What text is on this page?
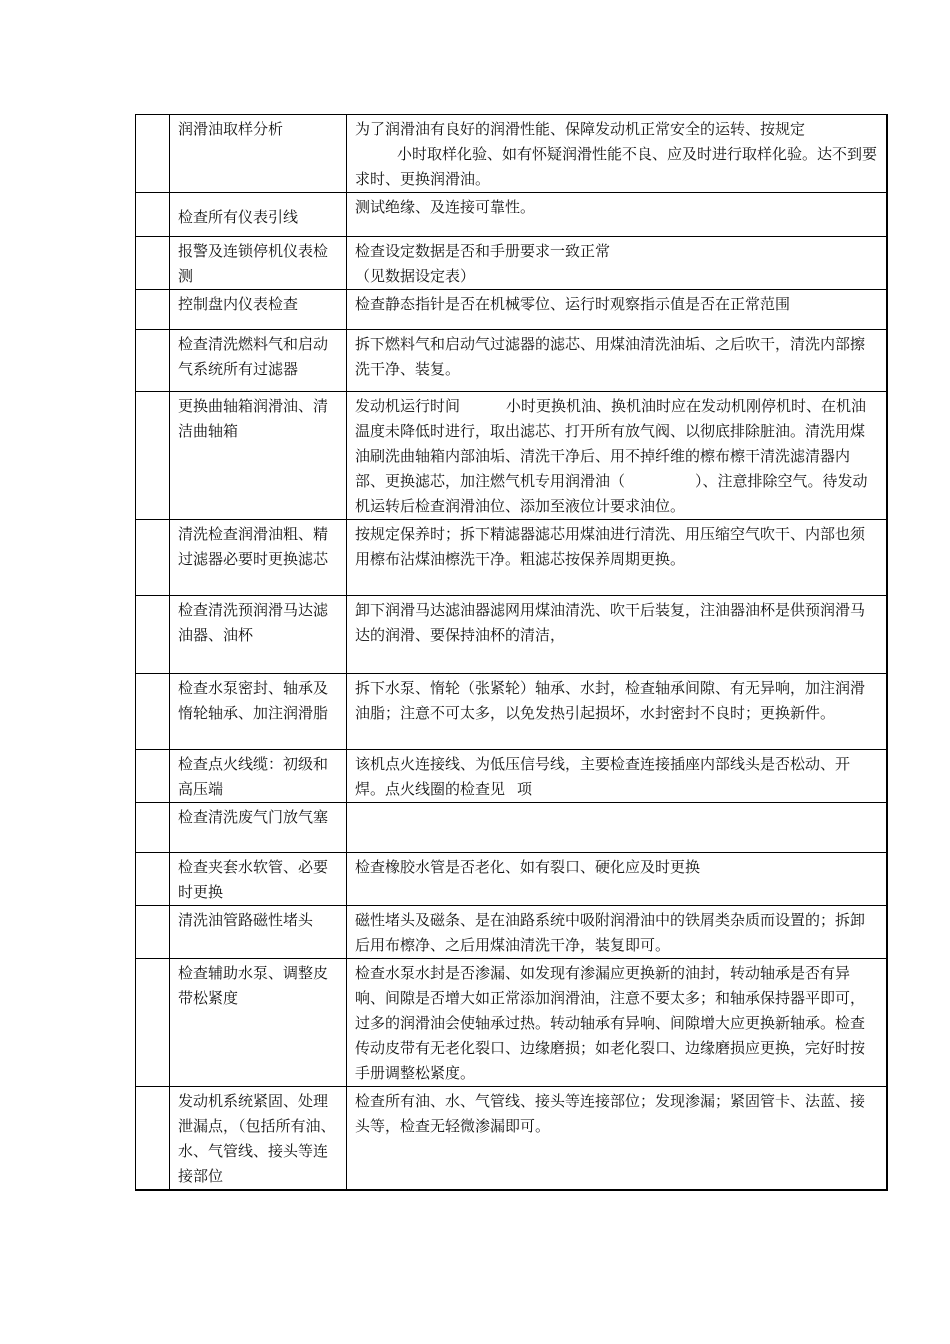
	润滑油取样分析	为了润滑油有良好的润滑性能、保障发动机正常安全的运转、按规定
小时取样化验、如有怀疑润滑性能不良、应及时进行取样化验。达不到要求时、更换润滑油。
	检查所有仪表引线	测试绝缘、及连接可靠性。
	报警及连锁停机仪表检测	检查设定数据是否和手册要求一致正常
（见数据设定表）
	控制盘内仪表检查	检查静态指针是否在机械零位、运行时观察指示值是否在正常范围
	检查清洗燃料气和启动气系统所有过滤器	拆下燃料气和启动气过滤器的滤芯、用煤油清洗油垢、之后吹干，清洗内部擦洗干净、装复。
	更换曲轴箱润滑油、清洁曲轴箱	发动机运行时间 小时更换机油、换机油时应在发动机刚停机时、在机油温度未降低时进行，取出滤芯、打开所有放气阀、以彻底排除脏油。清洗用煤油刷洗曲轴箱内部油垢、清洗干净后、用不掉纤维的檫布檫干清洗滤清器内部、更换滤芯，加注燃气机专用润滑油（ ）、注意排除空气。待发动机运转后检查润滑油位、添加至液位计要求油位。
	清洗检查润滑油粗、精过滤器必要时更换滤芯	按规定保养时；拆下精滤器滤芯用煤油进行清洗、用压缩空气吹干、内部也须用檫布沾煤油檫洗干净。粗滤芯按保养周期更换。
	检查清洗预润滑马达滤油器、油杯	卸下润滑马达滤油器滤网用煤油清洗、吹干后装复，注油器油杯是供预润滑马达的润滑、要保持油杯的清洁，
	检查水泵密封、轴承及惰轮轴承、加注润滑脂	拆下水泵、惰轮（张紧轮）轴承、水封，检查轴承间隙、有无异响，加注润滑油脂；注意不可太多，以免发热引起损坏，水封密封不良时；更换新件。
	检查点火线缆：初级和高压端	该机点火连接线、为低压信号线，主要检查连接插座内部线头是否松动、开焊。点火线圈的检查见 项
	检查清洗废气门放气塞	
	检查夹套水软管、必要时更换	检查橡胶水管是否老化、如有裂口、硬化应及时更换
	清洗油管路磁性堵头	磁性堵头及磁条、是在油路系统中吸附润滑油中的铁屑类杂质而设置的；拆卸后用布檫净、之后用煤油清洗干净，装复即可。
	检查辅助水泵、调整皮带松紧度	检查水泵水封是否渗漏、如发现有渗漏应更换新的油封，转动轴承是否有异响、间隙是否增大如正常添加润滑油，注意不要太多；和轴承保持器平即可，过多的润滑油会使轴承过热。转动轴承有异响、间隙增大应更换新轴承。检查传动皮带有无老化裂口、边缘磨损；如老化裂口、边缘磨损应更换，完好时按手册调整松紧度。
	发动机系统紧固、处理泄漏点，（包括所有油、水、气管线、接头等连接部位	检查所有油、水、气管线、接头等连接部位；发现渗漏；紧固管卡、法蓝、接头等，检查无轻微渗漏即可。
